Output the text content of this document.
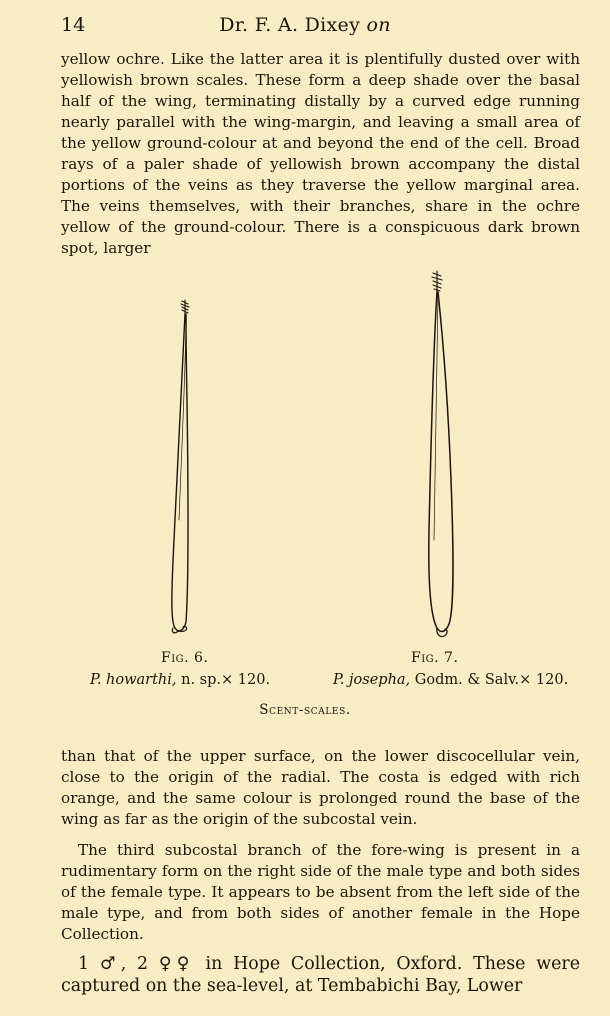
14	Dr. F. A. Dixey on

yellow ochre. Like the latter area it is plentifully dusted over with yellowish brown scales. These form a deep shade over the basal half of the wing, terminating distally by a curved edge running nearly parallel with the wing-margin, and leaving a small area of the yellow ground-colour at and beyond the end of the cell. Broad rays of a paler shade of yellowish brown accompany the distal portions of the veins as they traverse the yellow marginal area. The veins themselves, with their branches, share in the ochre yellow of the ground-colour. There is a conspicuous dark brown spot, larger

Fig. 6.	Fig. 7.
P. howarthi, n. sp.× 120.	P. josepha, Godm. & Salv.× 120.
Scent-scales.

than that of the upper surface, on the lower discocellular vein, close to the origin of the radial. The costa is edged with rich orange, and the same colour is prolonged round the base of the wing as far as the origin of the subcostal vein.

The third subcostal branch of the fore-wing is present in a rudimentary form on the right side of the male type and both sides of the female type. It appears to be absent from the left side of the male type, and from both sides of another female in the Hope Collection.

1 ♂, 2 ♀♀ in Hope Collection, Oxford. These were captured on the sea-level, at Tembabichi Bay, Lower
